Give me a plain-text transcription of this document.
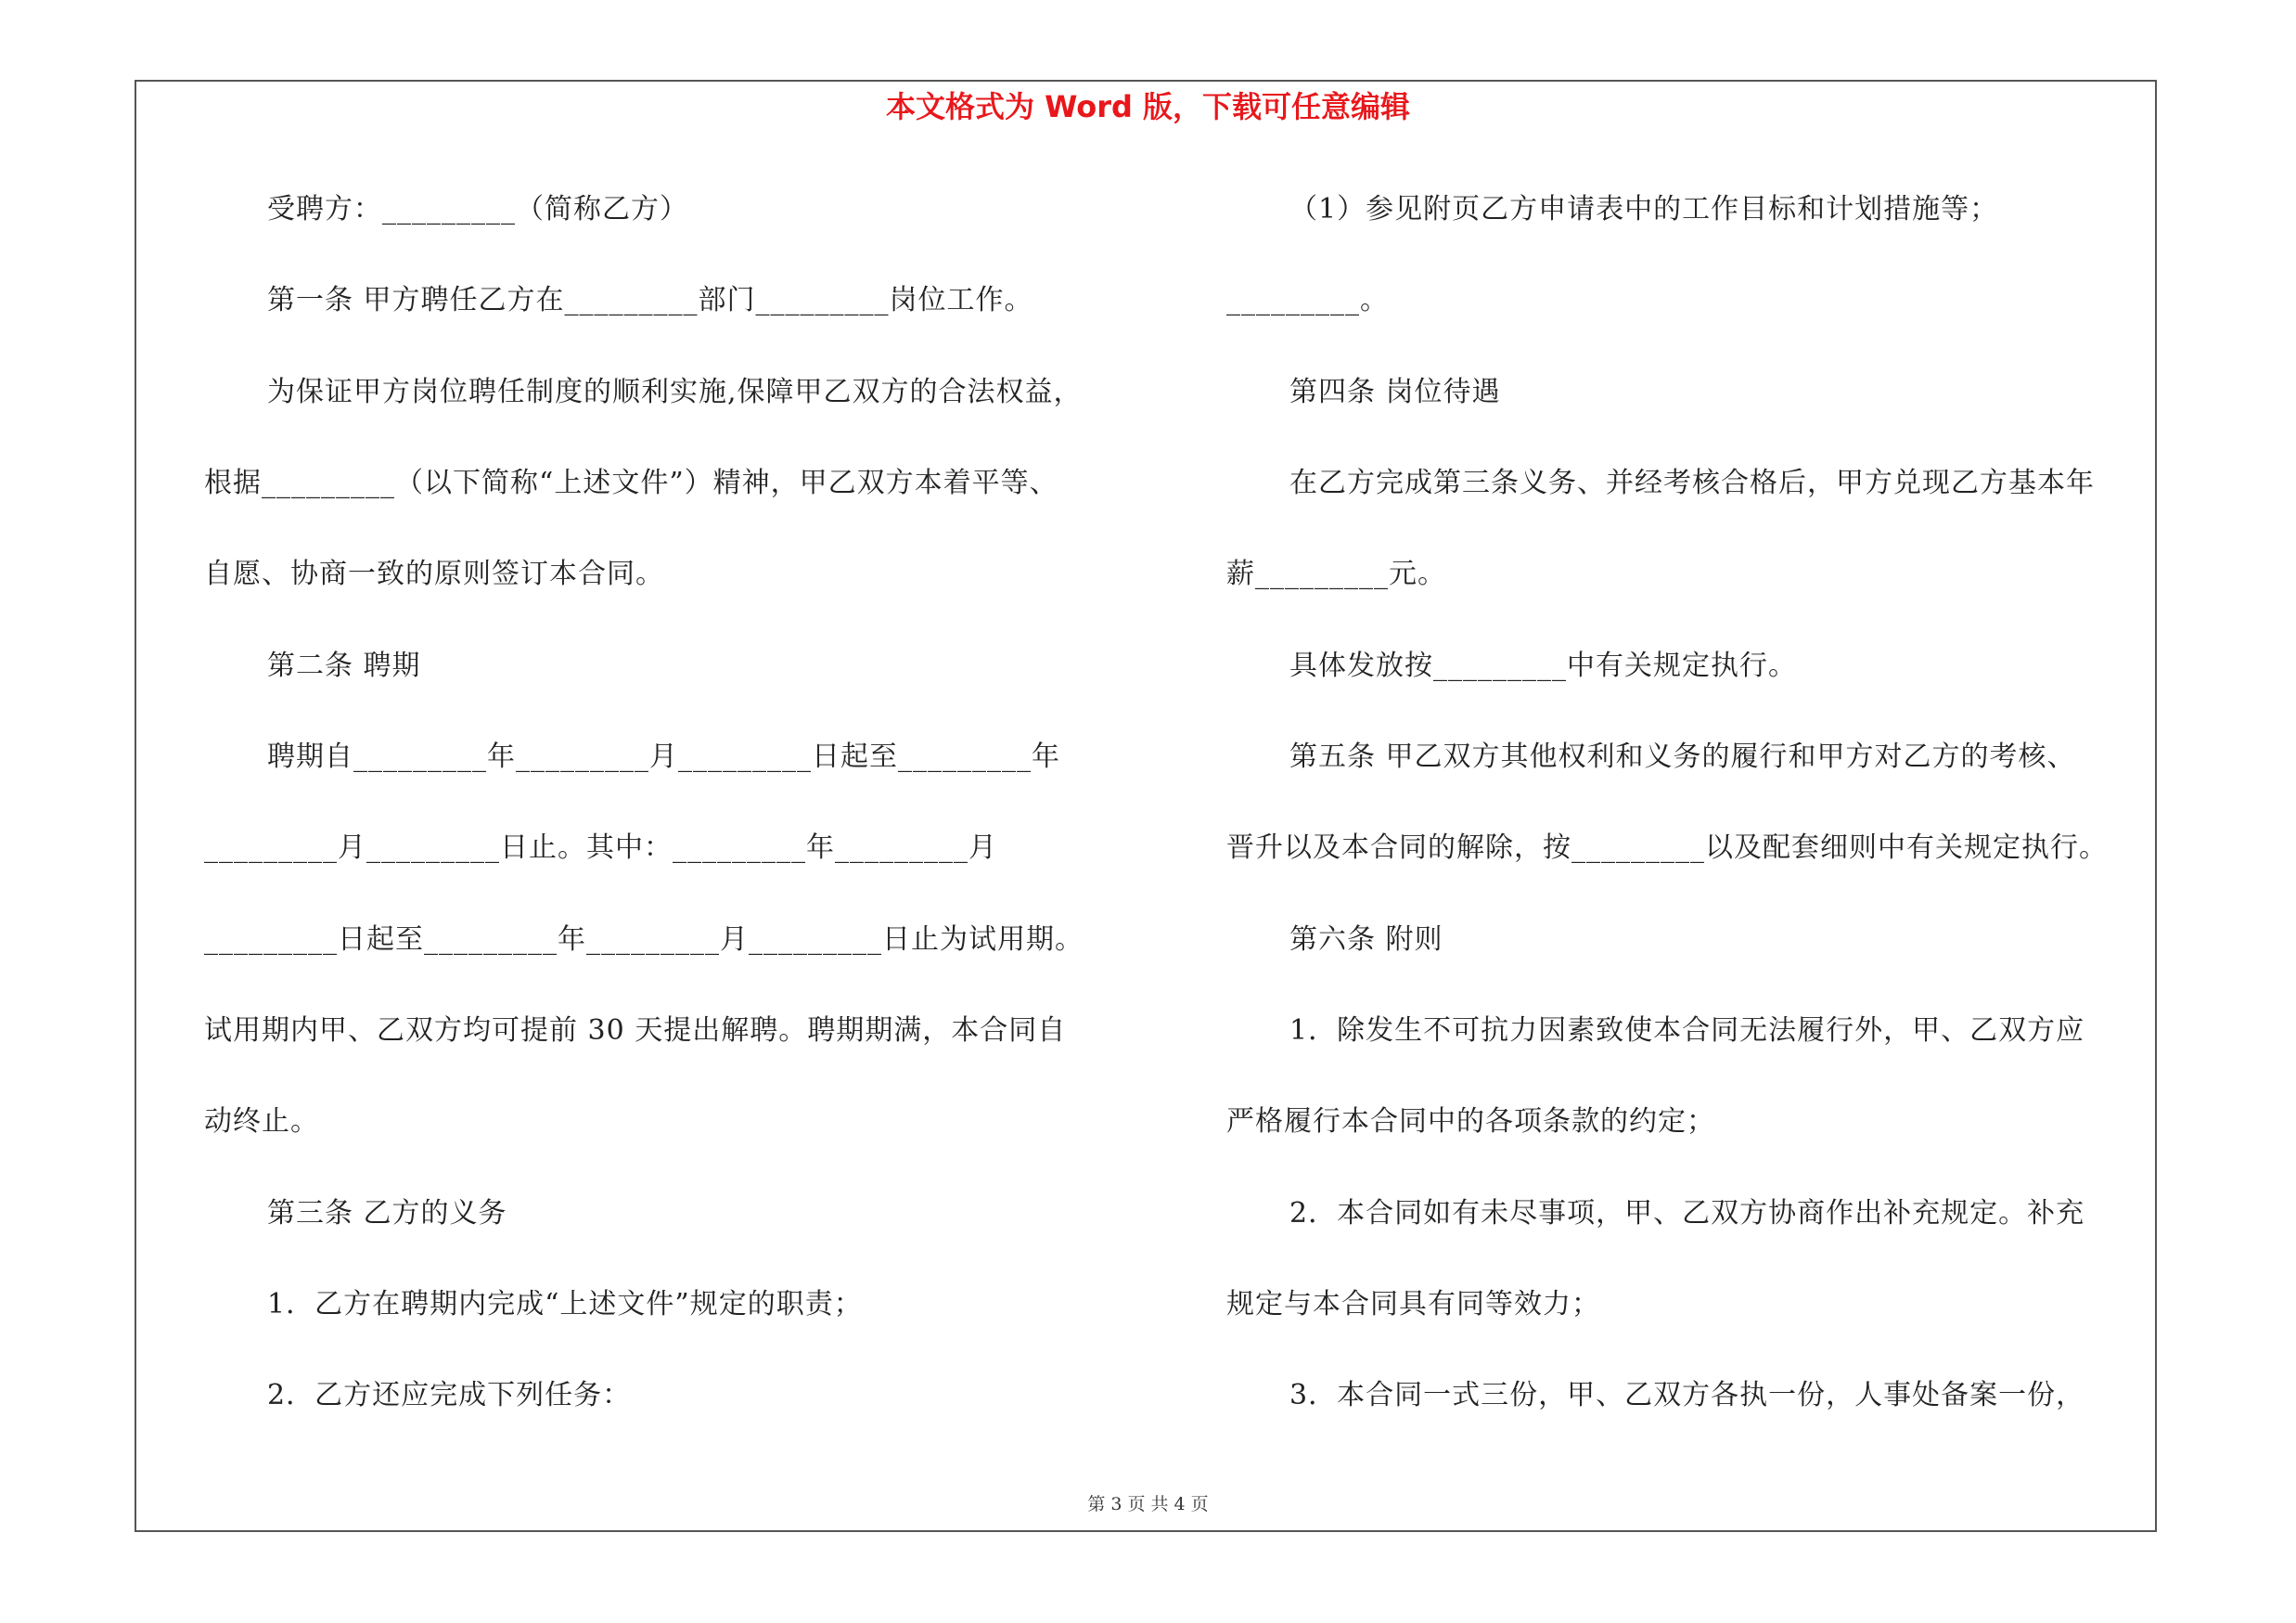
本文格式为 Word 版，下载可任意编辑
受聘方：_________（简称乙方）
第一条 甲方聘任乙方在_________部门_________岗位工作。
为保证甲方岗位聘任制度的顺利实施,保障甲乙双方的合法权益，
根据_________（以下简称“上述文件”）精神，甲乙双方本着平等、
自愿、协商一致的原则签订本合同。
第二条 聘期
聘期自_________年_________月_________日起至_________年
_________月_________日止。其中：_________年_________月
_________日起至_________年_________月_________日止为试用期。
试用期内甲、乙双方均可提前 30 天提出解聘。聘期期满，本合同自
动终止。
第三条 乙方的义务
1．乙方在聘期内完成“上述文件”规定的职责；
2．乙方还应完成下列任务：
（1）参见附页乙方申请表中的工作目标和计划措施等；
_________。
第四条 岗位待遇
在乙方完成第三条义务、并经考核合格后，甲方兑现乙方基本年
薪_________元。
具体发放按_________中有关规定执行。
第五条 甲乙双方其他权利和义务的履行和甲方对乙方的考核、
晋升以及本合同的解除，按_________以及配套细则中有关规定执行。
第六条 附则
1．除发生不可抗力因素致使本合同无法履行外，甲、乙双方应
严格履行本合同中的各项条款的约定；
2．本合同如有未尽事项，甲、乙双方协商作出补充规定。补充
规定与本合同具有同等效力；
3．本合同一式三份，甲、乙双方各执一份，人事处备案一份，
第 3 页 共 4 页
